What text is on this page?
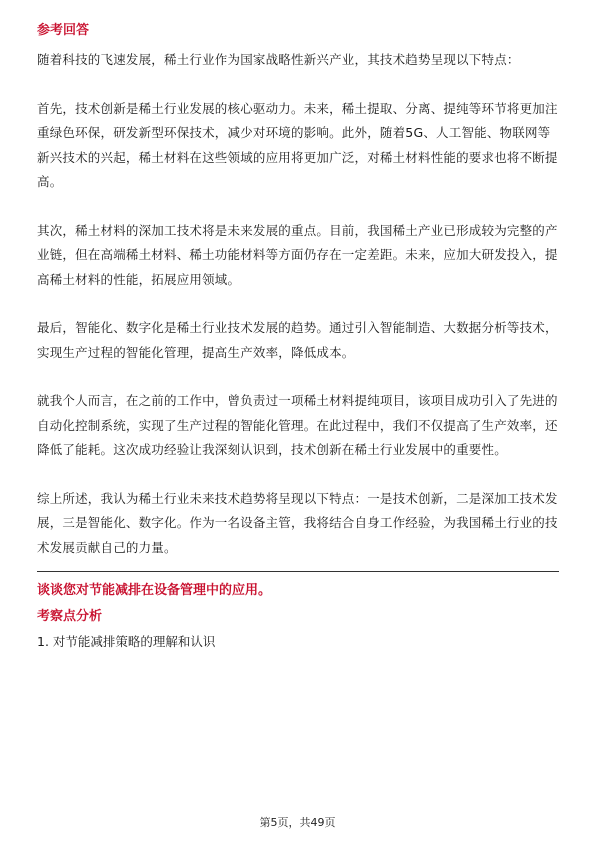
参考回答

随着科技的飞速发展，稀土行业作为国家战略性新兴产业，其技术趋势呈现以下特点：

首先，技术创新是稀土行业发展的核心驱动力。未来，稀土提取、分离、提纯等环节将更加注重绿色环保，研发新型环保技术，减少对环境的影响。此外，随着5G、人工智能、物联网等新兴技术的兴起，稀土材料在这些领域的应用将更加广泛，对稀土材料性能的要求也将不断提高。

其次，稀土材料的深加工技术将是未来发展的重点。目前，我国稀土产业已形成较为完整的产业链，但在高端稀土材料、稀土功能材料等方面仍存在一定差距。未来，应加大研发投入，提高稀土材料的性能，拓展应用领域。

最后，智能化、数字化是稀土行业技术发展的趋势。通过引入智能制造、大数据分析等技术，实现生产过程的智能化管理，提高生产效率，降低成本。

就我个人而言，在之前的工作中，曾负责过一项稀土材料提纯项目，该项目成功引入了先进的自动化控制系统，实现了生产过程的智能化管理。在此过程中，我们不仅提高了生产效率，还降低了能耗。这次成功经验让我深刻认识到，技术创新在稀土行业发展中的重要性。

综上所述，我认为稀土行业未来技术趋势将呈现以下特点：一是技术创新，二是深加工技术发展，三是智能化、数字化。作为一名设备主管，我将结合自身工作经验，为我国稀土行业的技术发展贡献自己的力量。

谈谈您对节能减排在设备管理中的应用。
考察点分析

1. 对节能减排策略的理解和认识

第5页，共49页
